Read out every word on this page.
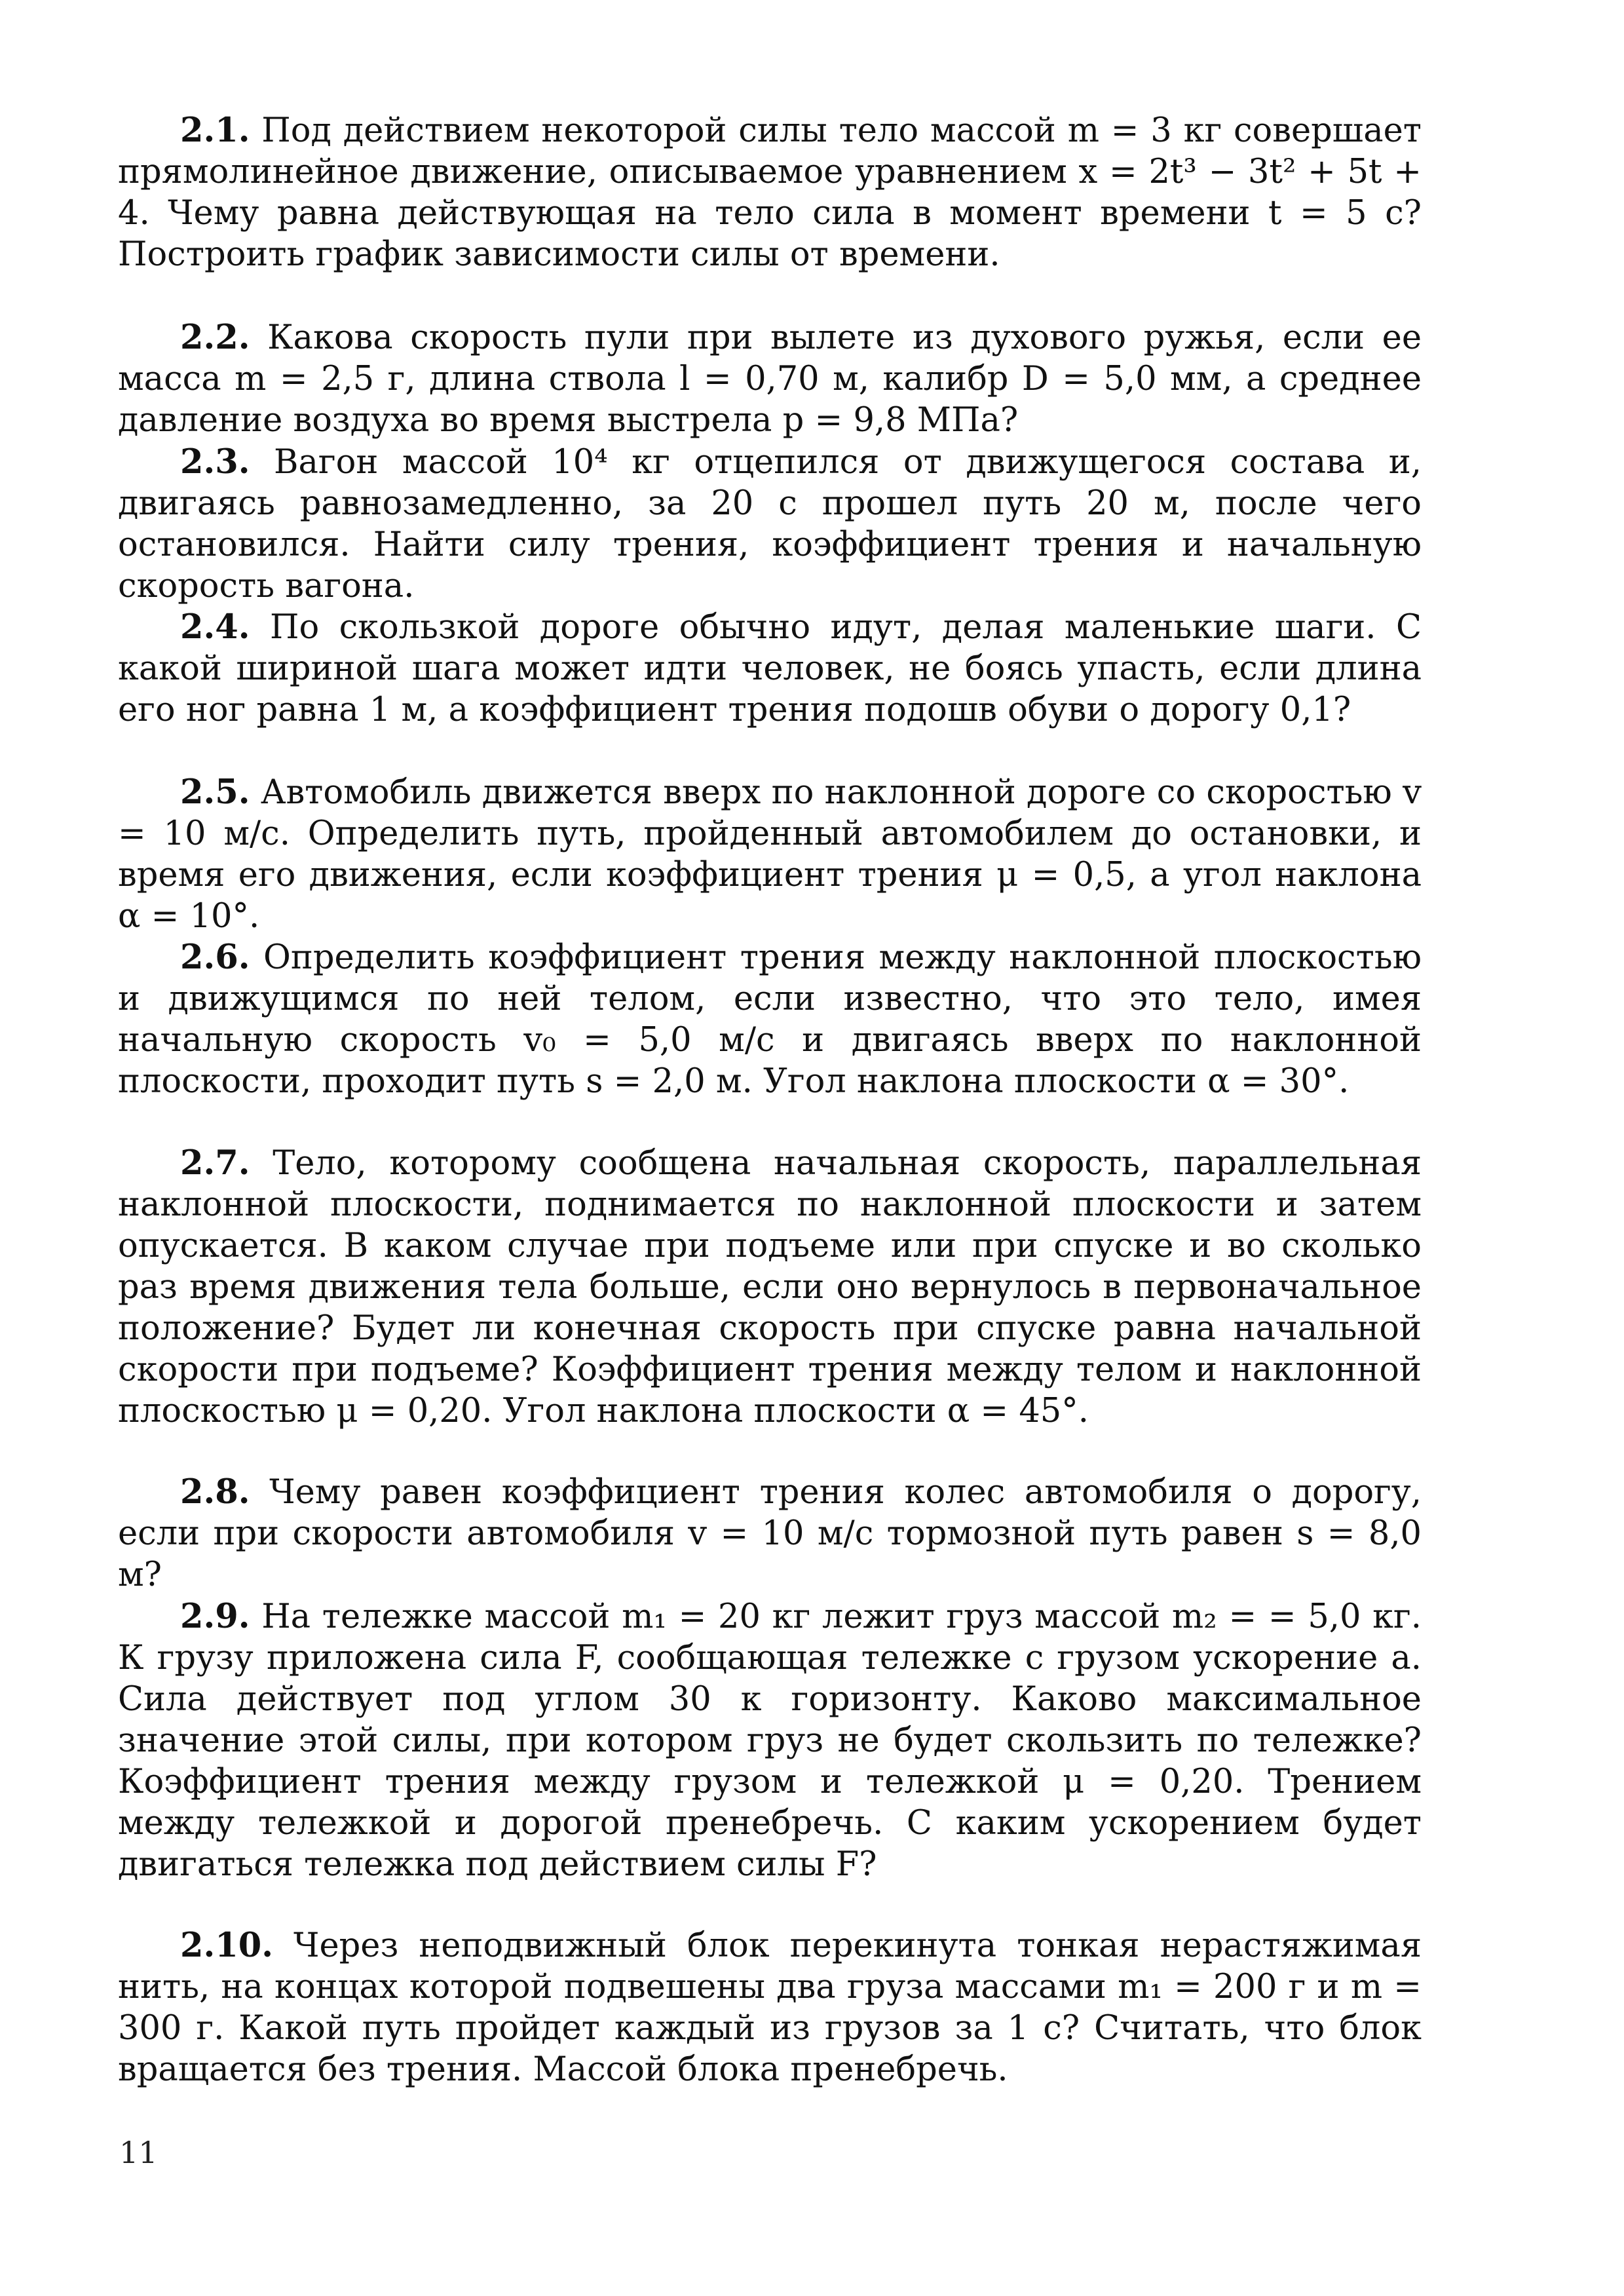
2.1. Под действием некоторой силы тело массой m = 3 кг совершает прямолинейное движение, описываемое уравнением x = 2t³ − 3t² + 5t + 4. Чему равна действующая на тело сила в момент времени t = 5 с? Построить график зависимости силы от времени.

2.2. Какова скорость пули при вылете из духового ружья, если ее масса m = 2,5 г, длина ствола l = 0,70 м, калибр D = 5,0 мм, а среднее давление воздуха во время выстрела p = 9,8 МПа?

2.3. Вагон массой 10⁴ кг отцепился от движущегося состава и, двигаясь равнозамедленно, за 20 с прошел путь 20 м, после чего остановился. Найти силу трения, коэффициент трения и начальную скорость вагона.

2.4. По скользкой дороге обычно идут, делая маленькие шаги. С какой шириной шага может идти человек, не боясь упасть, если длина его ног равна 1 м, а коэффициент трения подошв обуви о дорогу 0,1?

2.5. Автомобиль движется вверх по наклонной дороге со скоростью v = 10 м/с. Определить путь, пройденный автомобилем до остановки, и время его движения, если коэффициент трения μ = 0,5, а угол наклона α = 10°.

2.6. Определить коэффициент трения между наклонной плоскостью и движущимся по ней телом, если известно, что это тело, имея начальную скорость v₀ = 5,0 м/с и двигаясь вверх по наклонной плоскости, проходит путь s = 2,0 м. Угол наклона плоскости α = 30°.

2.7. Тело, которому сообщена начальная скорость, параллельная наклонной плоскости, поднимается по наклонной плоскости и затем опускается. В каком случае при подъеме или при спуске и во сколько раз время движения тела больше, если оно вернулось в первоначальное положение? Будет ли конечная скорость при спуске равна начальной скорости при подъеме? Коэффициент трения между телом и наклонной плоскостью μ = 0,20. Угол наклона плоскости α = 45°.

2.8. Чему равен коэффициент трения колес автомобиля о дорогу, если при скорости автомобиля v = 10 м/с тормозной путь равен s = 8,0 м?

2.9. На тележке массой m₁ = 20 кг лежит груз массой m₂ = = 5,0 кг. К грузу приложена сила F, сообщающая тележке с грузом ускорение a. Сила действует под углом 30 к горизонту. Каково максимальное значение этой силы, при котором груз не будет скользить по тележке? Коэффициент трения между грузом и тележкой μ = 0,20. Трением между тележкой и дорогой пренебречь. С каким ускорением будет двигаться тележка под действием силы F?

2.10. Через неподвижный блок перекинута тонкая нерастяжимая нить, на концах которой подвешены два груза массами m₁ = 200 г и m = 300 г. Какой путь пройдет каждый из грузов за 1 с? Считать, что блок вращается без трения. Массой блока пренебречь.

11
